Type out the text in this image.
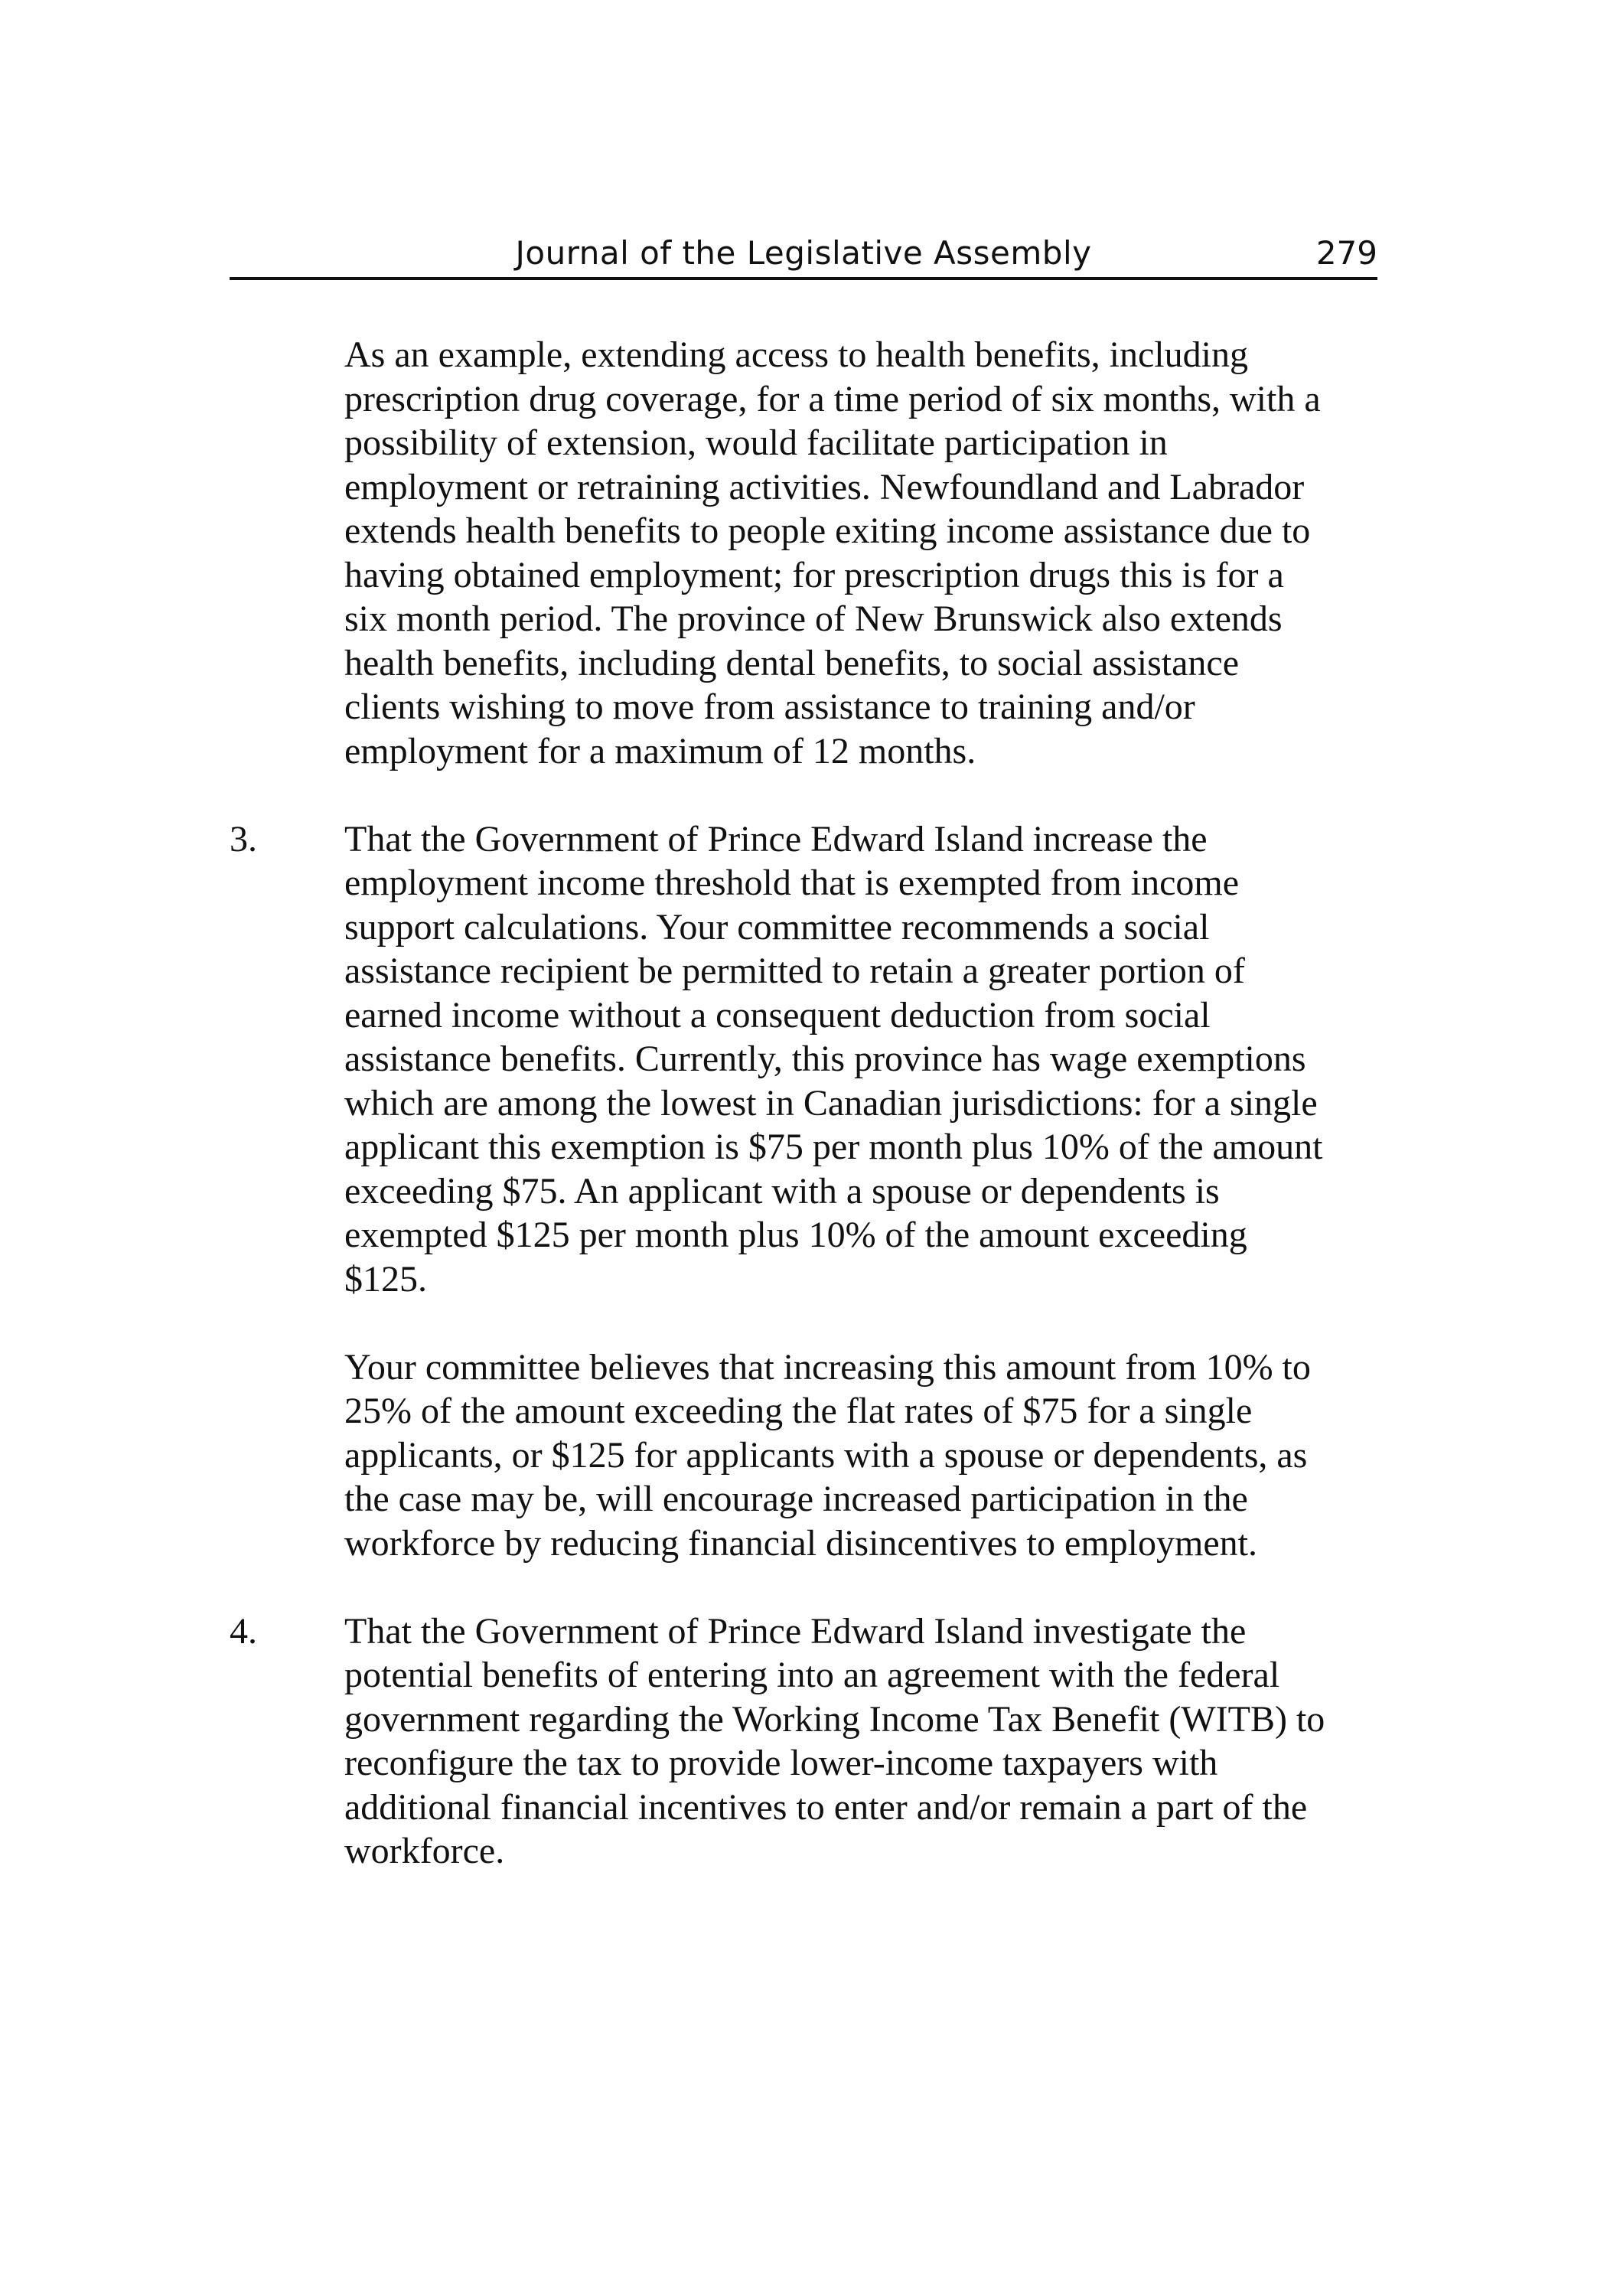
Journal of the Legislative Assembly	279
As an example, extending access to health benefits, including
prescription drug coverage, for a time period of six months, with a
possibility of extension, would facilitate participation in
employment or retraining activities. Newfoundland and Labrador
extends health benefits to people exiting income assistance due to
having obtained employment; for prescription drugs this is for a
six month period. The province of New Brunswick also extends
health benefits, including dental benefits, to social assistance
clients wishing to move from assistance to training and/or
employment for a maximum of 12 months.
3.	That the Government of Prince Edward Island increase the
employment income threshold that is exempted from income
support calculations. Your committee recommends a social
assistance recipient be permitted to retain a greater portion of
earned income without a consequent deduction from social
assistance benefits. Currently, this province has wage exemptions
which are among the lowest in Canadian jurisdictions: for a single
applicant this exemption is $75 per month plus 10% of the amount
exceeding $75. An applicant with a spouse or dependents is
exempted $125 per month plus 10% of the amount exceeding
$125.
Your committee believes that increasing this amount from 10% to
25% of the amount exceeding the flat rates of $75 for a single
applicants, or $125 for applicants with a spouse or dependents, as
the case may be, will encourage increased participation in the
workforce by reducing financial disincentives to employment.
4.	That the Government of Prince Edward Island investigate the
potential benefits of entering into an agreement with the federal
government regarding the Working Income Tax Benefit (WITB) to
reconfigure the tax to provide lower-income taxpayers with
additional financial incentives to enter and/or remain a part of the
workforce.
